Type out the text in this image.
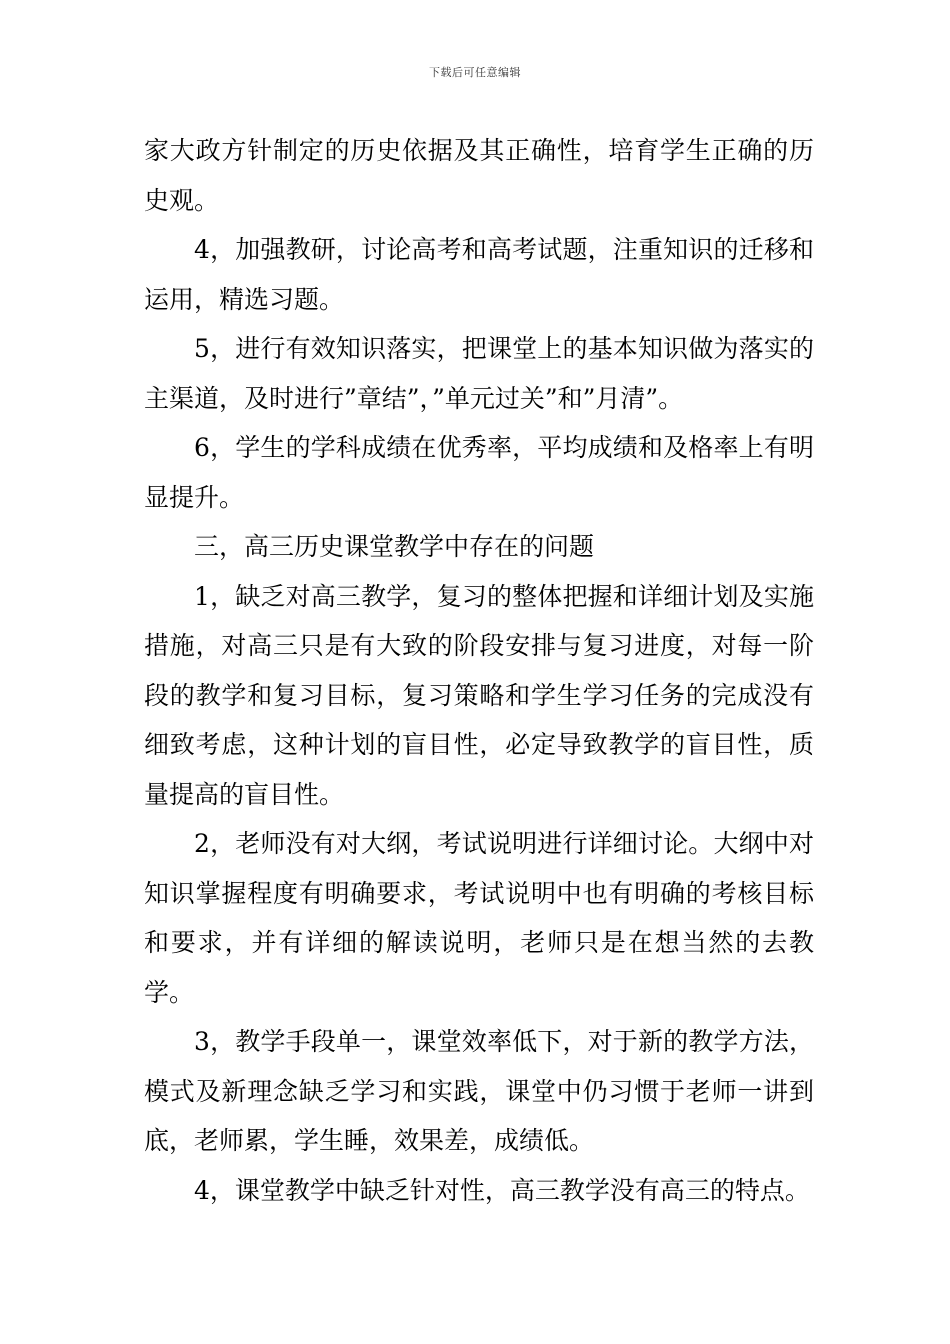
下载后可任意编辑

家大政方针制定的历史依据及其正确性，培育学生正确的历史观。

4，加强教研，讨论高考和高考试题，注重知识的迁移和运用，精选习题。

5，进行有效知识落实，把课堂上的基本知识做为落实的主渠道，及时进行”章结”，”单元过关”和”月清”。

6，学生的学科成绩在优秀率，平均成绩和及格率上有明显提升。

三，高三历史课堂教学中存在的问题

1，缺乏对高三教学，复习的整体把握和详细计划及实施措施，对高三只是有大致的阶段安排与复习进度，对每一阶段的教学和复习目标，复习策略和学生学习任务的完成没有细致考虑，这种计划的盲目性，必定导致教学的盲目性，质量提高的盲目性。

2，老师没有对大纲，考试说明进行详细讨论。大纲中对知识掌握程度有明确要求，考试说明中也有明确的考核目标和要求，并有详细的解读说明，老师只是在想当然的去教学。

3，教学手段单一，课堂效率低下，对于新的教学方法，模式及新理念缺乏学习和实践，课堂中仍习惯于老师一讲到底，老师累，学生睡，效果差，成绩低。

4，课堂教学中缺乏针对性，高三教学没有高三的特点。
